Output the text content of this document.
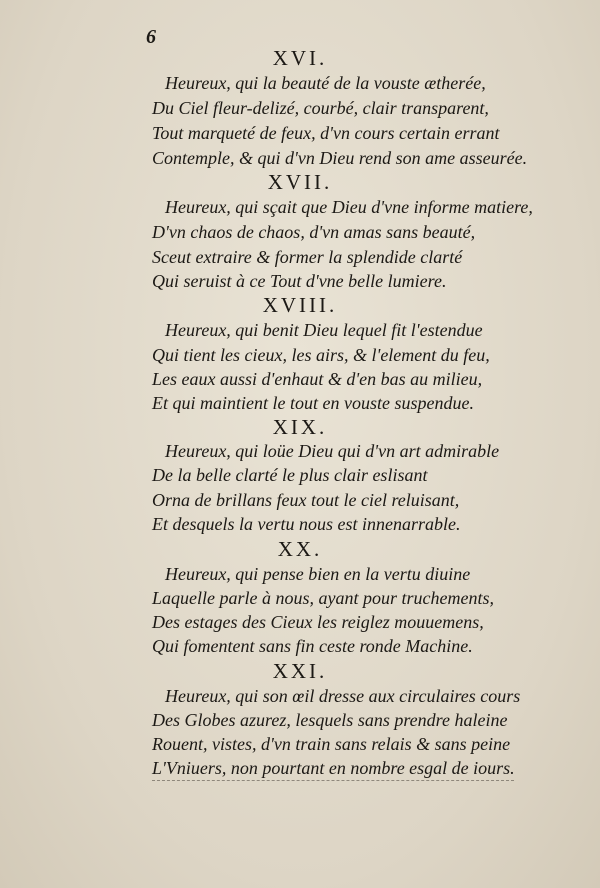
6
XVI.
Heureux, qui la beauté de la vouste ætherée,
Du Ciel fleur-delizé, courbé, clair transparent,
Tout marqueté de feux, d'vn cours certain errant
Contemple, & qui d'vn Dieu rend son ame asseurée.
XVII.
Heureux, qui sçait que Dieu d'vne informe matiere,
D'vn chaos de chaos, d'vn amas sans beauté,
Sceut extraire & former la splendide clarté
Qui seruist à ce Tout d'vne belle lumiere.
XVIII.
Heureux, qui benit Dieu lequel fit l'estendue
Qui tient les cieux, les airs, & l'element du feu,
Les eaux aussi d'enhaut & d'en bas au milieu,
Et qui maintient le tout en vouste suspendue.
XIX.
Heureux, qui loüe Dieu qui d'vn art admirable
De la belle clarté le plus clair eslisant
Orna de brillans feux tout le ciel reluisant,
Et desquels la vertu nous est innenarrable.
XX.
Heureux, qui pense bien en la vertu diuine
Laquelle parle à nous, ayant pour truchements,
Des estages des Cieux les reiglez mouuemens,
Qui fomentent sans fin ceste ronde Machine.
XXI.
Heureux, qui son œil dresse aux circulaires cours
Des Globes azurez, lesquels sans prendre haleine
Rouent, vistes, d'vn train sans relais & sans peine
L'Vniuers, non pourtant en nombre esgal de iours.
